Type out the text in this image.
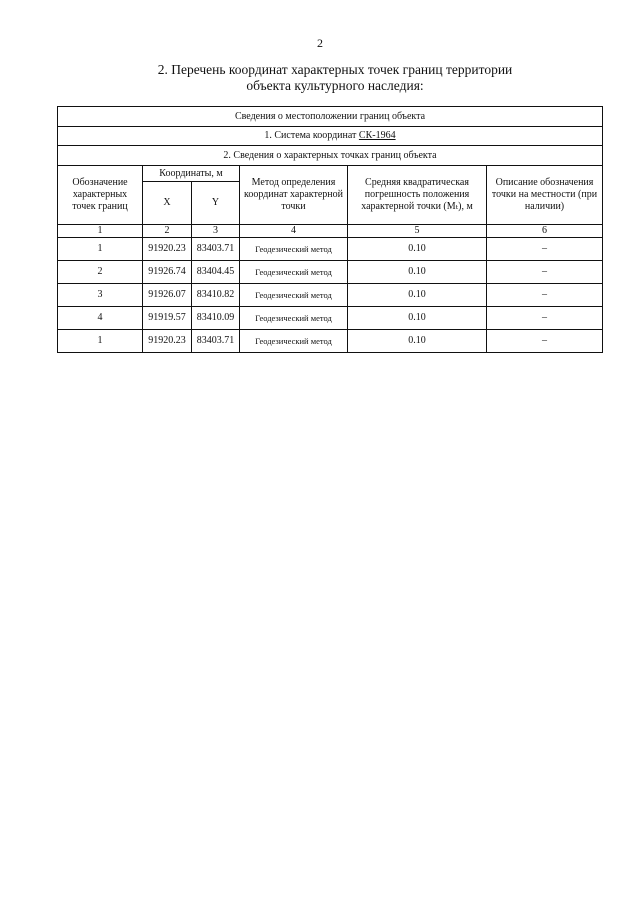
2
2. Перечень координат характерных точек границ территории
объекта культурного наследия:
Сведения о местоположении границ объекта					
1. Система координат СК-1964					
2. Сведения о характерных точках границ объекта					
Обозначение характерных точек границ	Координаты, м		Метод определения координат характерной точки	Средняя квадратическая погрешность положения характерной точки (Mₜ), м	Описание обозначения точки на местности (при наличии)
	X	Y			
1	2	3	4	5	6
1	91920.23	83403.71	Геодезический метод	0.10	–
2	91926.74	83404.45	Геодезический метод	0.10	–
3	91926.07	83410.82	Геодезический метод	0.10	–
4	91919.57	83410.09	Геодезический метод	0.10	–
1	91920.23	83403.71	Геодезический метод	0.10	–
